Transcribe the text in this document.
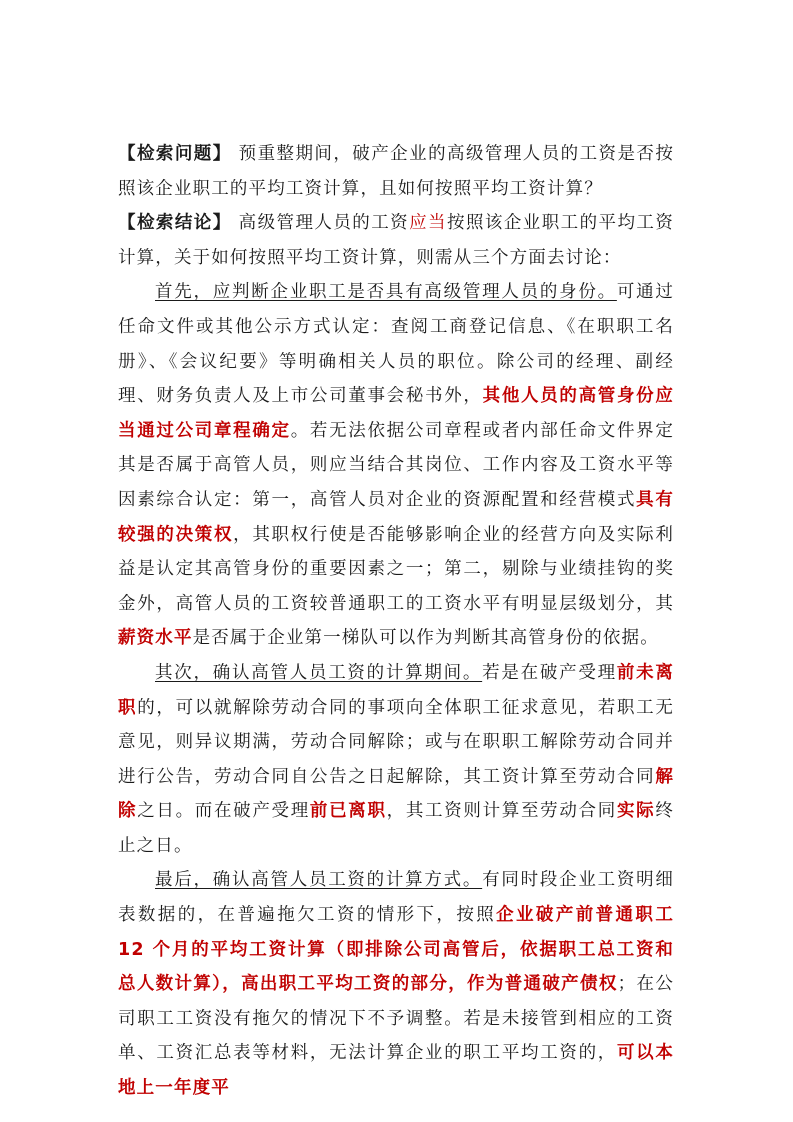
【检索问题】 预重整期间，破产企业的高级管理人员的工资是否按照该企业职工的平均工资计算，且如何按照平均工资计算？

【检索结论】 高级管理人员的工资应当按照该企业职工的平均工资计算，关于如何按照平均工资计算，则需从三个方面去讨论：

首先，应判断企业职工是否具有高级管理人员的身份。可通过任命文件或其他公示方式认定：查阅工商登记信息、《在职职工名册》、《会议纪要》等明确相关人员的职位。除公司的经理、副经理、财务负责人及上市公司董事会秘书外，其他人员的高管身份应当通过公司章程确定。若无法依据公司章程或者内部任命文件界定其是否属于高管人员，则应当结合其岗位、工作内容及工资水平等因素综合认定：第一，高管人员对企业的资源配置和经营模式具有较强的决策权，其职权行使是否能够影响企业的经营方向及实际利益是认定其高管身份的重要因素之一；第二，剔除与业绩挂钩的奖金外，高管人员的工资较普通职工的工资水平有明显层级划分，其薪资水平是否属于企业第一梯队可以作为判断其高管身份的依据。

其次，确认高管人员工资的计算期间。若是在破产受理前未离职的，可以就解除劳动合同的事项向全体职工征求意见，若职工无意见，则异议期满，劳动合同解除；或与在职职工解除劳动合同并进行公告，劳动合同自公告之日起解除，其工资计算至劳动合同解除之日。而在破产受理前已离职，其工资则计算至劳动合同实际终止之日。

最后，确认高管人员工资的计算方式。有同时段企业工资明细表数据的，在普遍拖欠工资的情形下，按照企业破产前普通职工 12 个月的平均工资计算（即排除公司高管后，依据职工总工资和总人数计算），高出职工平均工资的部分，作为普通破产债权；在公司职工工资没有拖欠的情况下不予调整。若是未接管到相应的工资单、工资汇总表等材料，无法计算企业的职工平均工资的，可以本地上一年度平
